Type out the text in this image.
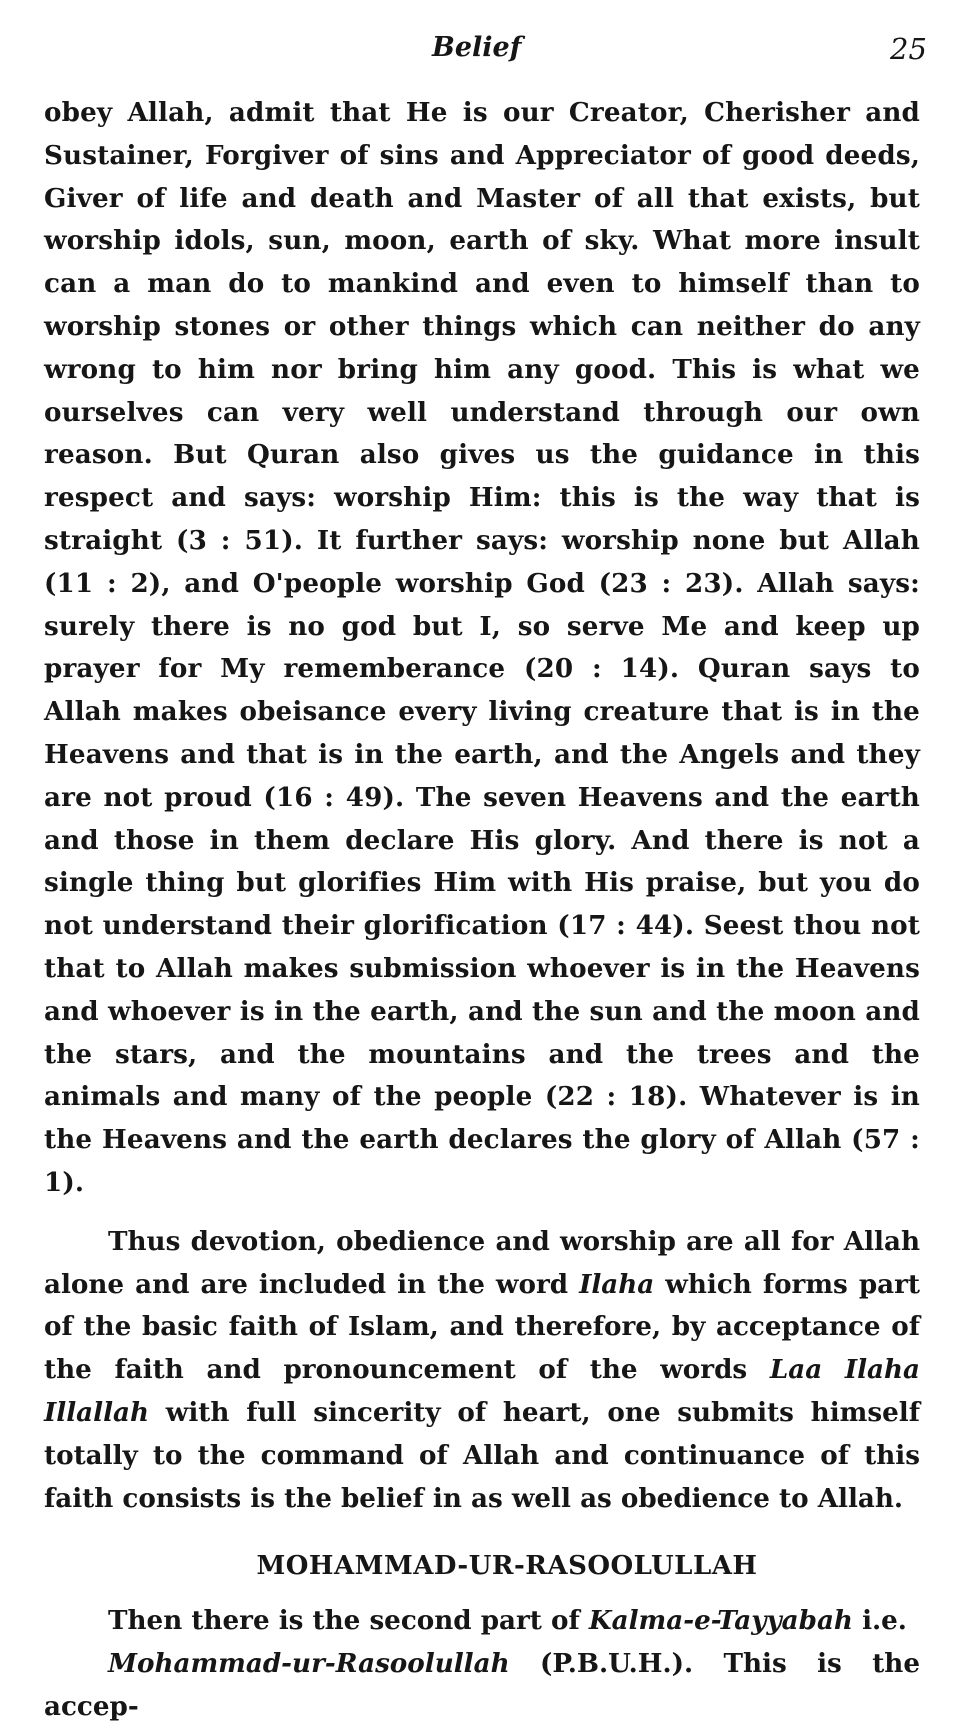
Belief	25

obey Allah, admit that He is our Creator, Cherisher and Sustainer, Forgiver of sins and Appreciator of good deeds, Giver of life and death and Master of all that exists, but worship idols, sun, moon, earth of sky. What more insult can a man do to mankind and even to himself than to worship stones or other things which can neither do any wrong to him nor bring him any good. This is what we ourselves can very well understand through our own reason. But Quran also gives us the guidance in this respect and says: worship Him: this is the way that is straight (3 : 51). It further says: worship none but Allah (11 : 2), and O'people worship God (23 : 23). Allah says: surely there is no god but I, so serve Me and keep up prayer for My rememberance (20 : 14). Quran says to Allah makes obeisance every living creature that is in the Heavens and that is in the earth, and the Angels and they are not proud (16 : 49). The seven Heavens and the earth and those in them declare His glory. And there is not a single thing but glorifies Him with His praise, but you do not understand their glorification (17 : 44). Seest thou not that to Allah makes submission whoever is in the Heavens and whoever is in the earth, and the sun and the moon and the stars, and the mountains and the trees and the animals and many of the people (22 : 18). Whatever is in the Heavens and the earth declares the glory of Allah (57 : 1).

Thus devotion, obedience and worship are all for Allah alone and are included in the word Ilaha which forms part of the basic faith of Islam, and therefore, by acceptance of the faith and pronouncement of the words Laa Ilaha Illallah with full sincerity of heart, one submits himself totally to the command of Allah and continuance of this faith consists is the belief in as well as obedience to Allah.

MOHAMMAD-UR-RASOOLULLAH

Then there is the second part of Kalma-e-Tayyabah i.e.
Mohammad-ur-Rasoolullah (P.B.U.H.). This is the accep-
